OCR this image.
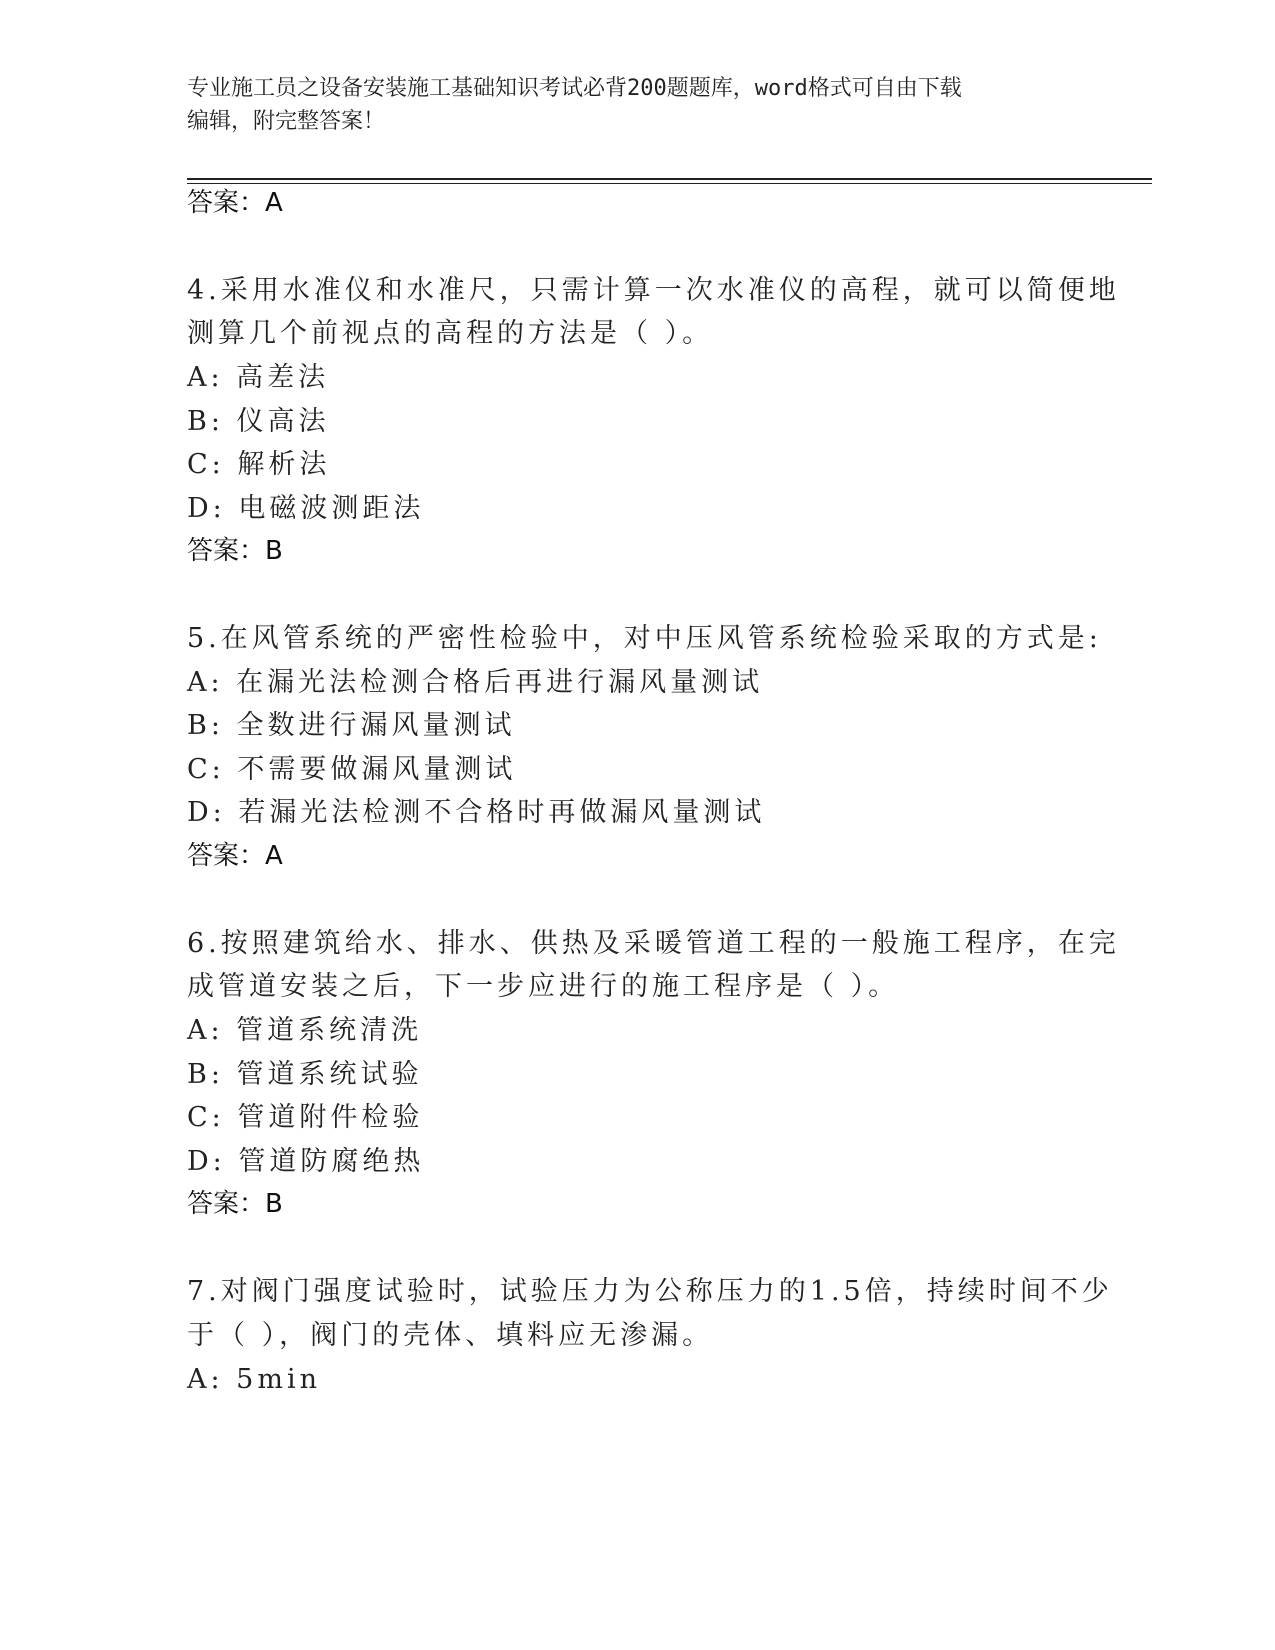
专业施工员之设备安装施工基础知识考试必背200题题库，word格式可自由下载
编辑，附完整答案！
答案：A
4.采用水准仪和水准尺，只需计算一次水准仪的高程，就可以简便地
测算几个前视点的高程的方法是（ ）。
A: 高差法
B: 仪高法
C: 解析法
D: 电磁波测距法
答案：B
5.在风管系统的严密性检验中，对中压风管系统检验采取的方式是:
A: 在漏光法检测合格后再进行漏风量测试
B: 全数进行漏风量测试
C: 不需要做漏风量测试
D: 若漏光法检测不合格时再做漏风量测试
答案：A
6.按照建筑给水、排水、供热及采暖管道工程的一般施工程序，在完
成管道安装之后，下一步应进行的施工程序是（ ）。
A: 管道系统清洗
B: 管道系统试验
C: 管道附件检验
D: 管道防腐绝热
答案：B
7.对阀门强度试验时，试验压力为公称压力的1.5倍，持续时间不少
于（ ），阀门的壳体、填料应无渗漏。
A: 5min
